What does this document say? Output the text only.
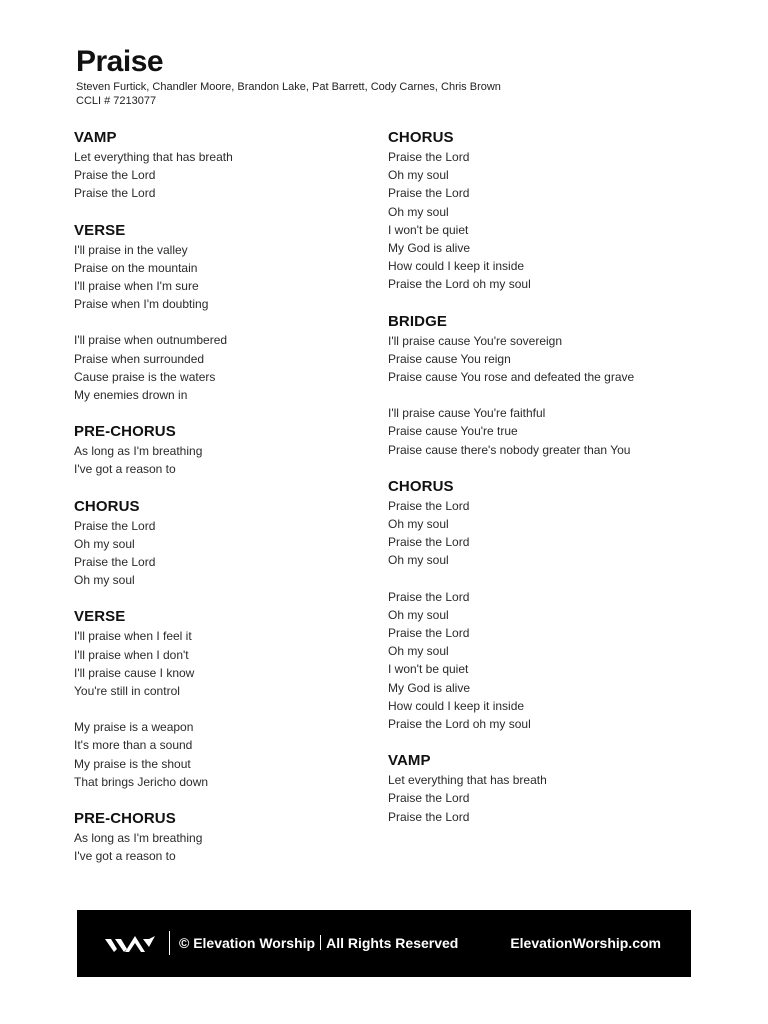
Praise
Steven Furtick, Chandler Moore, Brandon Lake, Pat Barrett, Cody Carnes, Chris Brown
CCLI # 7213077
VAMP
Let everything that has breath
Praise the Lord
Praise the Lord
VERSE
I'll praise in the valley
Praise on the mountain
I'll praise when I'm sure
Praise when I'm doubting
I'll praise when outnumbered
Praise when surrounded
Cause praise is the waters
My enemies drown in
PRE-CHORUS
As long as I'm breathing
I've got a reason to
CHORUS
Praise the Lord
Oh my soul
Praise the Lord
Oh my soul
VERSE
I'll praise when I feel it
I'll praise when I don't
I'll praise cause I know
You're still in control
My praise is a weapon
It's more than a sound
My praise is the shout
That brings Jericho down
PRE-CHORUS
As long as I'm breathing
I've got a reason to
CHORUS
Praise the Lord
Oh my soul
Praise the Lord
Oh my soul
I won't be quiet
My God is alive
How could I keep it inside
Praise the Lord oh my soul
BRIDGE
I'll praise cause You're sovereign
Praise cause You reign
Praise cause You rose and defeated the grave
I'll praise cause You're faithful
Praise cause You're true
Praise cause there's nobody greater than You
CHORUS
Praise the Lord
Oh my soul
Praise the Lord
Oh my soul
Praise the Lord
Oh my soul
Praise the Lord
Oh my soul
I won't be quiet
My God is alive
How could I keep it inside
Praise the Lord oh my soul
VAMP
Let everything that has breath
Praise the Lord
Praise the Lord
© Elevation Worship All Rights Reserved	ElevationWorship.com
